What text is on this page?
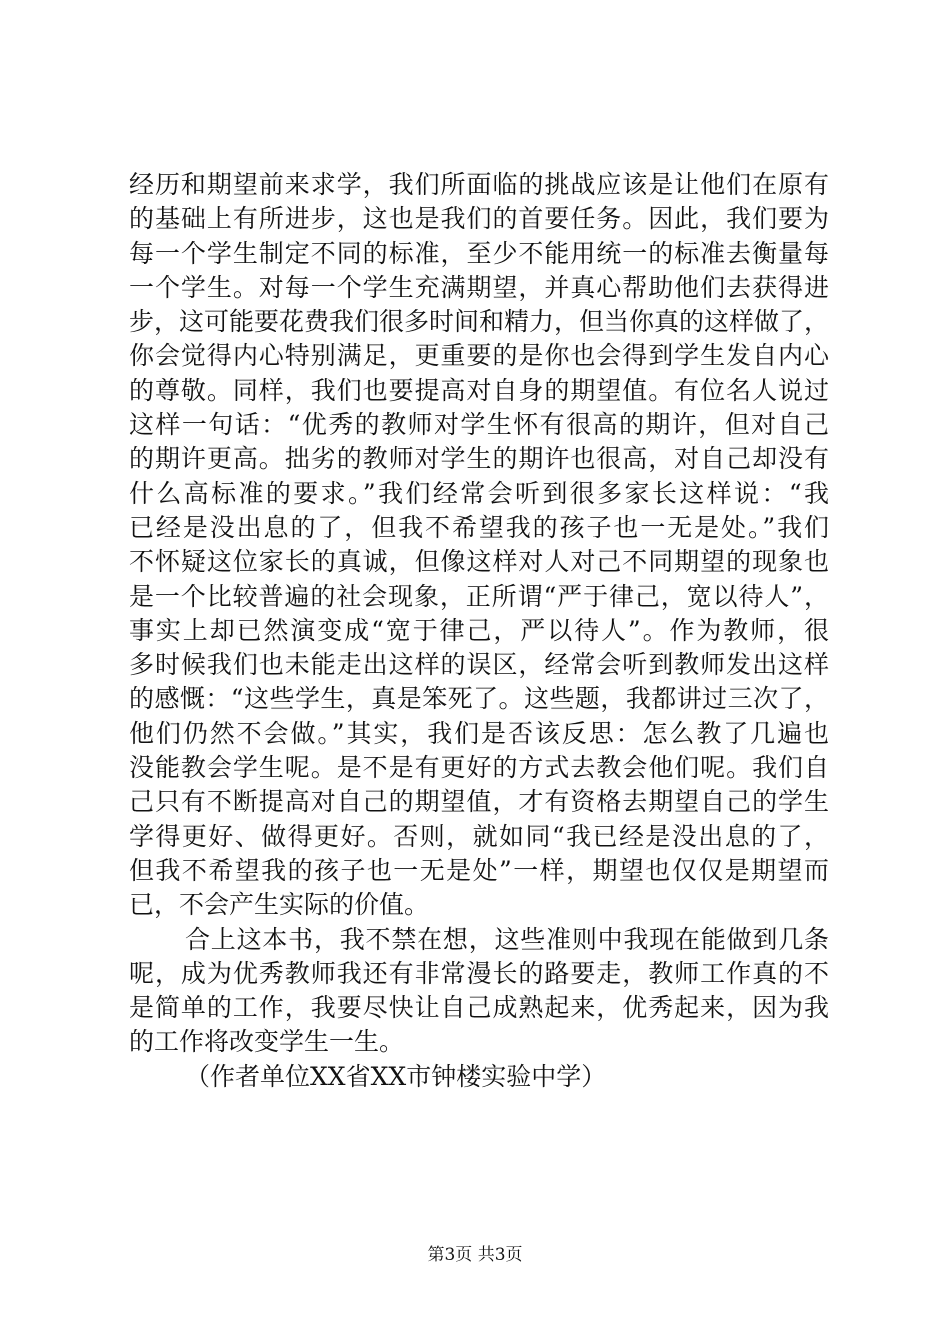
经历和期望前来求学，我们所面临的挑战应该是让他们在原有
的基础上有所进步，这也是我们的首要任务。因此，我们要为
每一个学生制定不同的标准，至少不能用统一的标准去衡量每
一个学生。对每一个学生充满期望，并真心帮助他们去获得进
步，这可能要花费我们很多时间和精力，但当你真的这样做了，
你会觉得内心特别满足，更重要的是你也会得到学生发自内心
的尊敬。同样，我们也要提高对自身的期望值。有位名人说过
这样一句话：“优秀的教师对学生怀有很高的期许，但对自己
的期许更高。拙劣的教师对学生的期许也很高，对自己却没有
什么高标准的要求。”我们经常会听到很多家长这样说：“我
已经是没出息的了，但我不希望我的孩子也一无是处。”我们
不怀疑这位家长的真诚，但像这样对人对己不同期望的现象也
是一个比较普遍的社会现象，正所谓“严于律己，宽以待人”，
事实上却已然演变成“宽于律己，严以待人”。作为教师，很
多时候我们也未能走出这样的误区，经常会听到教师发出这样
的感慨：“这些学生，真是笨死了。这些题，我都讲过三次了，
他们仍然不会做。”其实，我们是否该反思：怎么教了几遍也
没能教会学生呢。是不是有更好的方式去教会他们呢。我们自
己只有不断提高对自己的期望值，才有资格去期望自己的学生
学得更好、做得更好。否则，就如同“我已经是没出息的了，
但我不希望我的孩子也一无是处”一样，期望也仅仅是期望而
已，不会产生实际的价值。
合上这本书，我不禁在想，这些准则中我现在能做到几条
呢，成为优秀教师我还有非常漫长的路要走，教师工作真的不
是简单的工作，我要尽快让自己成熟起来，优秀起来，因为我
的工作将改变学生一生。
（作者单位XX省XX市钟楼实验中学）
第3页 共3页
